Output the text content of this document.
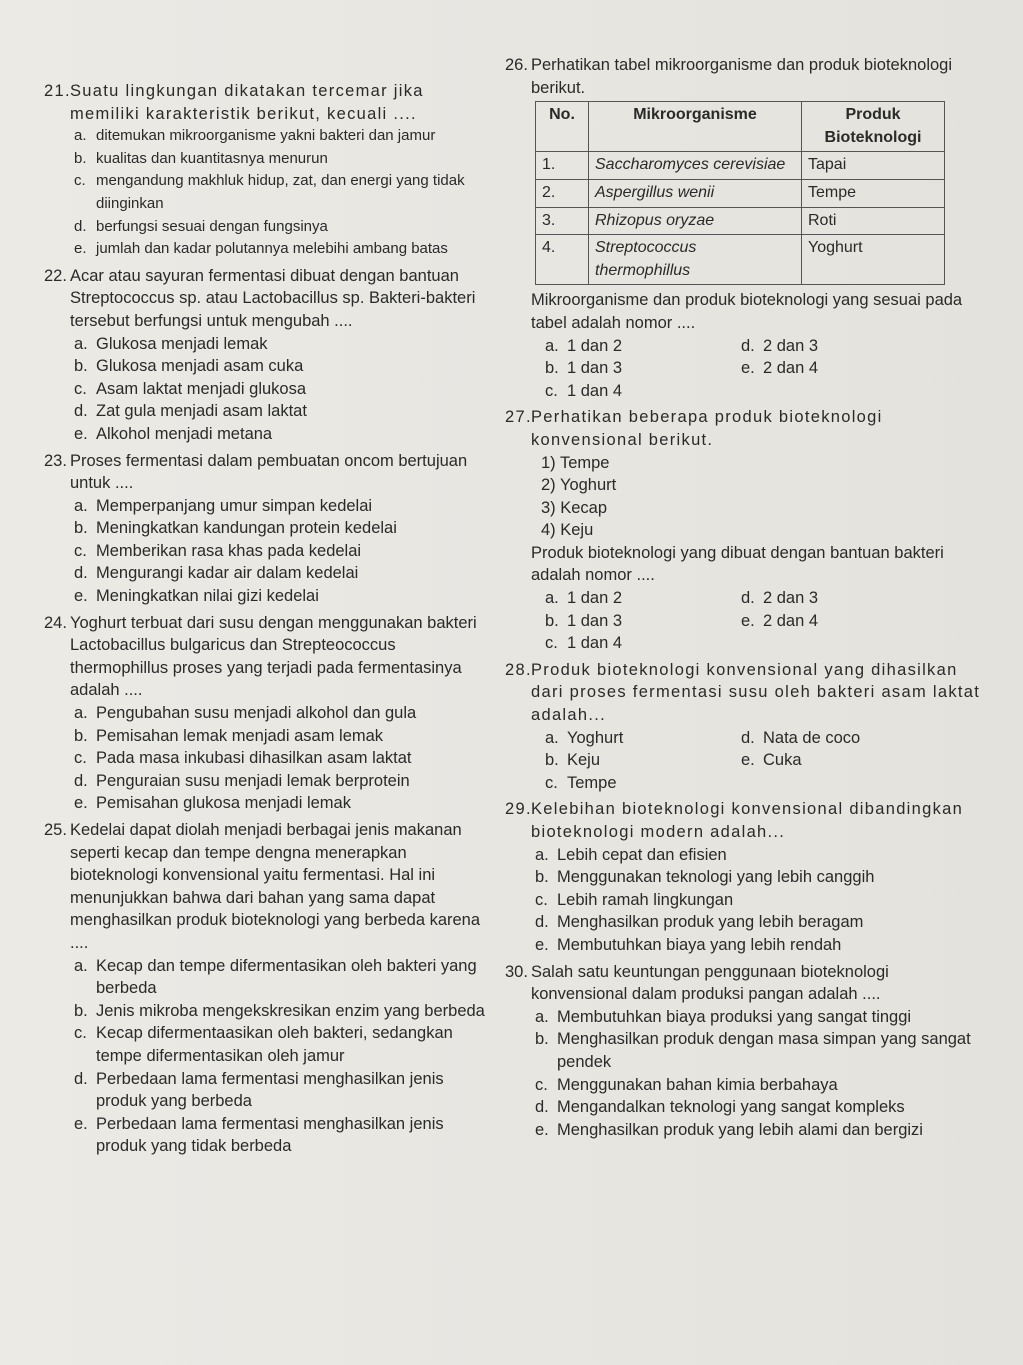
21. Suatu lingkungan dikatakan tercemar jika memiliki karakteristik berikut, kecuali ....
a. ditemukan mikroorganisme yakni bakteri dan jamur
b. kualitas dan kuantitasnya menurun
c. mengandung makhluk hidup, zat, dan energi yang tidak diinginkan
d. berfungsi sesuai dengan fungsinya
e. jumlah dan kadar polutannya melebihi ambang batas
22. Acar atau sayuran fermentasi dibuat dengan bantuan Streptococcus sp. atau Lactobacillus sp. Bakteri-bakteri tersebut berfungsi untuk mengubah ....
a. Glukosa menjadi lemak
b. Glukosa menjadi asam cuka
c. Asam laktat menjadi glukosa
d. Zat gula menjadi asam laktat
e. Alkohol menjadi metana
23. Proses fermentasi dalam pembuatan oncom bertujuan untuk ....
a. Memperpanjang umur simpan kedelai
b. Meningkatkan kandungan protein kedelai
c. Memberikan rasa khas pada kedelai
d. Mengurangi kadar air dalam kedelai
e. Meningkatkan nilai gizi kedelai
24. Yoghurt terbuat dari susu dengan menggunakan bakteri Lactobacillus bulgaricus dan Strepteococcus thermophillus proses yang terjadi pada fermentasinya adalah ....
a. Pengubahan susu menjadi alkohol dan gula
b. Pemisahan lemak menjadi asam lemak
c. Pada masa inkubasi dihasilkan asam laktat
d. Penguraian susu menjadi lemak berprotein
e. Pemisahan glukosa menjadi lemak
25. Kedelai dapat diolah menjadi berbagai jenis makanan seperti kecap dan tempe dengna menerapkan bioteknologi konvensional yaitu fermentasi. Hal ini menunjukkan bahwa dari bahan yang sama dapat menghasilkan produk bioteknologi yang berbeda karena ....
a. Kecap dan tempe difermentasikan oleh bakteri yang berbeda
b. Jenis mikroba mengekskresikan enzim yang berbeda
c. Kecap difermentaasikan oleh bakteri, sedangkan tempe difermentasikan oleh jamur
d. Perbedaan lama fermentasi menghasilkan jenis produk yang berbeda
e. Perbedaan lama fermentasi menghasilkan jenis produk yang tidak berbeda
26. Perhatikan tabel mikroorganisme dan produk bioteknologi berikut.
No.	Mikroorganisme	Produk Bioteknologi
1.	Saccharomyces cerevisiae	Tapai
2.	Aspergillus wenii	Tempe
3.	Rhizopus oryzae	Roti
4.	Streptococcus thermophillus	Yoghurt
Mikroorganisme dan produk bioteknologi yang sesuai pada tabel adalah nomor ....
a. 1 dan 2	d. 2 dan 3
b. 1 dan 3	e. 2 dan 4
c. 1 dan 4
27. Perhatikan beberapa produk bioteknologi konvensional berikut.
1) Tempe
2) Yoghurt
3) Kecap
4) Keju
Produk bioteknologi yang dibuat dengan bantuan bakteri adalah nomor ....
a. 1 dan 2	d. 2 dan 3
b. 1 dan 3	e. 2 dan 4
c. 1 dan 4
28. Produk bioteknologi konvensional yang dihasilkan dari proses fermentasi susu oleh bakteri asam laktat adalah...
a. Yoghurt	d. Nata de coco
b. Keju	e. Cuka
c. Tempe
29. Kelebihan bioteknologi konvensional dibandingkan bioteknologi modern adalah...
a. Lebih cepat dan efisien
b. Menggunakan teknologi yang lebih canggih
c. Lebih ramah lingkungan
d. Menghasilkan produk yang lebih beragam
e. Membutuhkan biaya yang lebih rendah
30. Salah satu keuntungan penggunaan bioteknologi konvensional dalam produksi pangan adalah ....
a. Membutuhkan biaya produksi yang sangat tinggi
b. Menghasilkan produk dengan masa simpan yang sangat pendek
c. Menggunakan bahan kimia berbahaya
d. Mengandalkan teknologi yang sangat kompleks
e. Menghasilkan produk yang lebih alami dan bergizi
